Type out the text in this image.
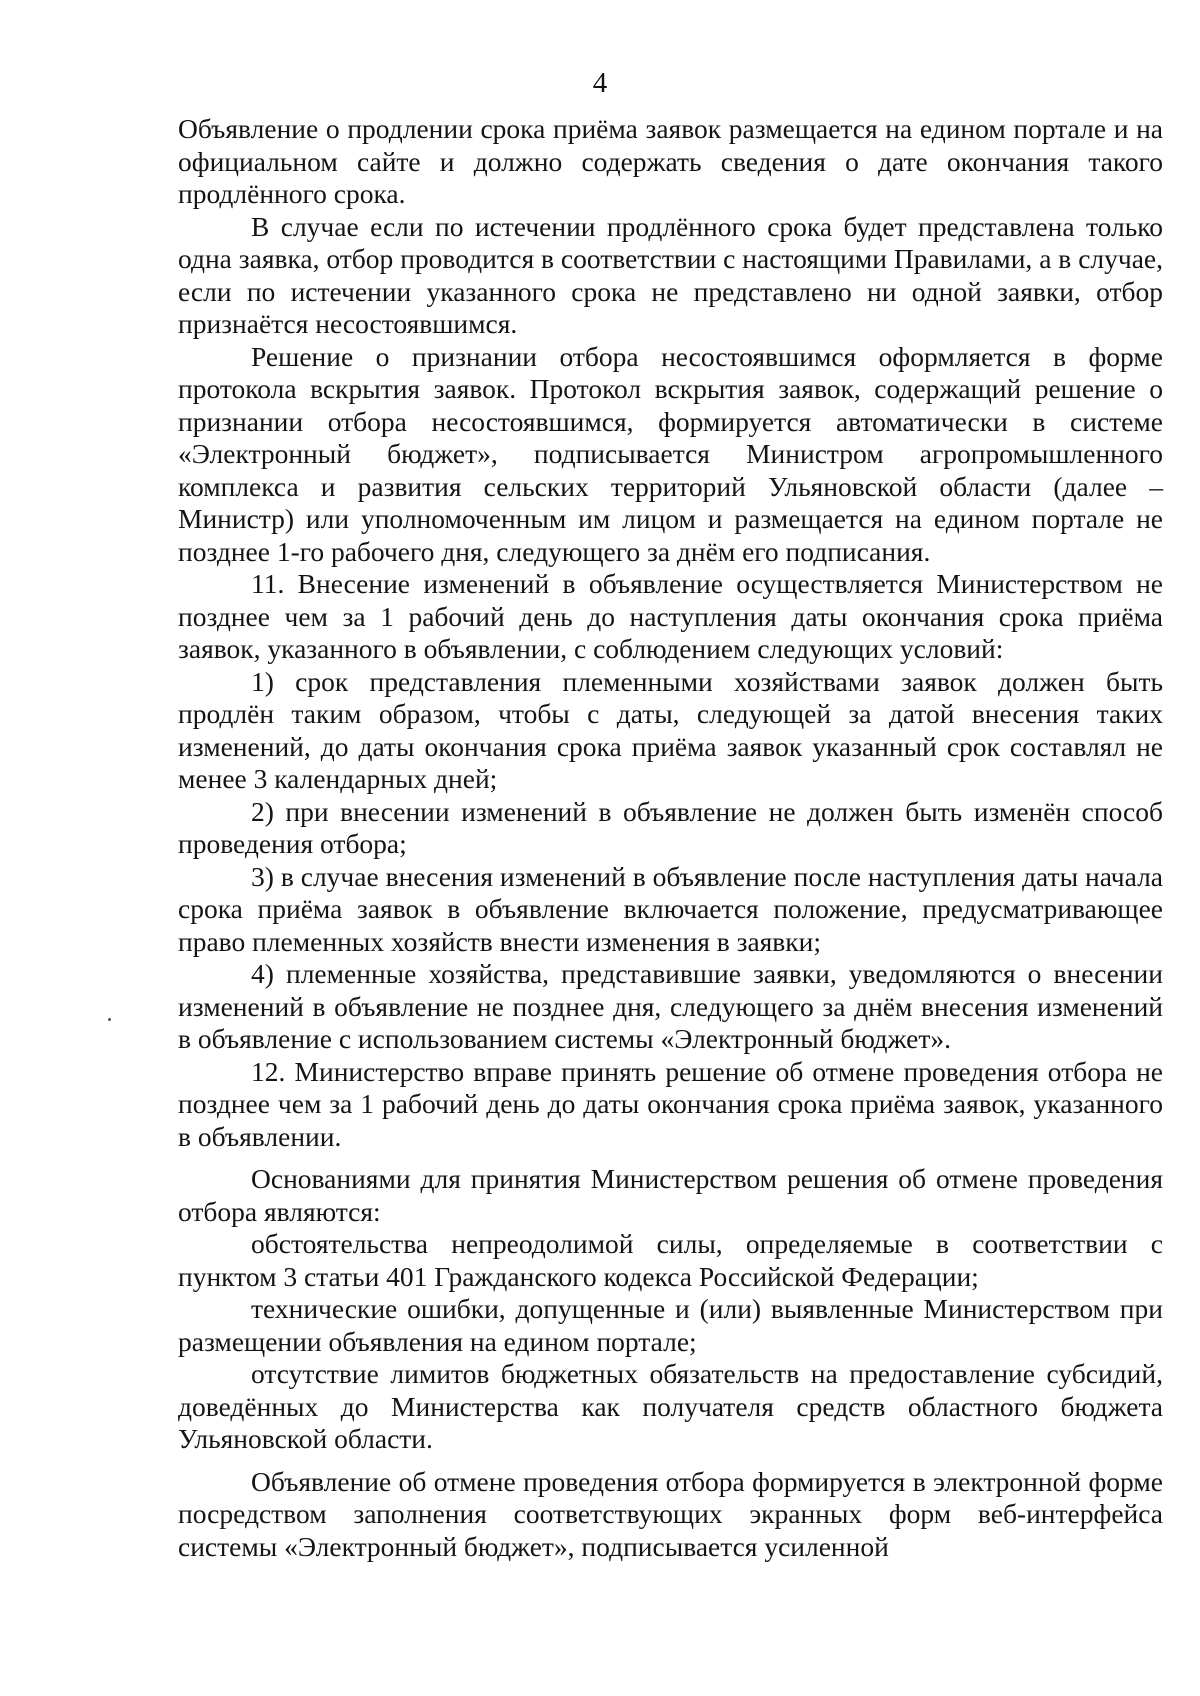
4

Объявление о продлении срока приёма заявок размещается на едином портале и на официальном сайте и должно содержать сведения о дате окончания такого продлённого срока.

В случае если по истечении продлённого срока будет представлена только одна заявка, отбор проводится в соответствии с настоящими Правилами, а в случае, если по истечении указанного срока не представлено ни одной заявки, отбор признаётся несостоявшимся.

Решение о признании отбора несостоявшимся оформляется в форме протокола вскрытия заявок. Протокол вскрытия заявок, содержащий решение о признании отбора несостоявшимся, формируется автоматически в системе «Электронный бюджет», подписывается Министром агропромышленного комплекса и развития сельских территорий Ульяновской области (далее – Министр) или уполномоченным им лицом и размещается на едином портале не позднее 1-го рабочего дня, следующего за днём его подписания.

11. Внесение изменений в объявление осуществляется Министерством не позднее чем за 1 рабочий день до наступления даты окончания срока приёма заявок, указанного в объявлении, с соблюдением следующих условий:

1) срок представления племенными хозяйствами заявок должен быть продлён таким образом, чтобы с даты, следующей за датой внесения таких изменений, до даты окончания срока приёма заявок указанный срок составлял не менее 3 календарных дней;

2) при внесении изменений в объявление не должен быть изменён способ проведения отбора;

3) в случае внесения изменений в объявление после наступления даты начала срока приёма заявок в объявление включается положение, предусматривающее право племенных хозяйств внести изменения в заявки;

4) племенные хозяйства, представившие заявки, уведомляются о внесении изменений в объявление не позднее дня, следующего за днём внесения изменений в объявление с использованием системы «Электронный бюджет».

12. Министерство вправе принять решение об отмене проведения отбора не позднее чем за 1 рабочий день до даты окончания срока приёма заявок, указанного в объявлении.

Основаниями для принятия Министерством решения об отмене проведения отбора являются:

обстоятельства непреодолимой силы, определяемые в соответствии с пунктом 3 статьи 401 Гражданского кодекса Российской Федерации;

технические ошибки, допущенные и (или) выявленные Министерством при размещении объявления на едином портале;

отсутствие лимитов бюджетных обязательств на предоставление субсидий, доведённых до Министерства как получателя средств областного бюджета Ульяновской области.

Объявление об отмене проведения отбора формируется в электронной форме посредством заполнения соответствующих экранных форм веб-интерфейса системы «Электронный бюджет», подписывается усиленной
